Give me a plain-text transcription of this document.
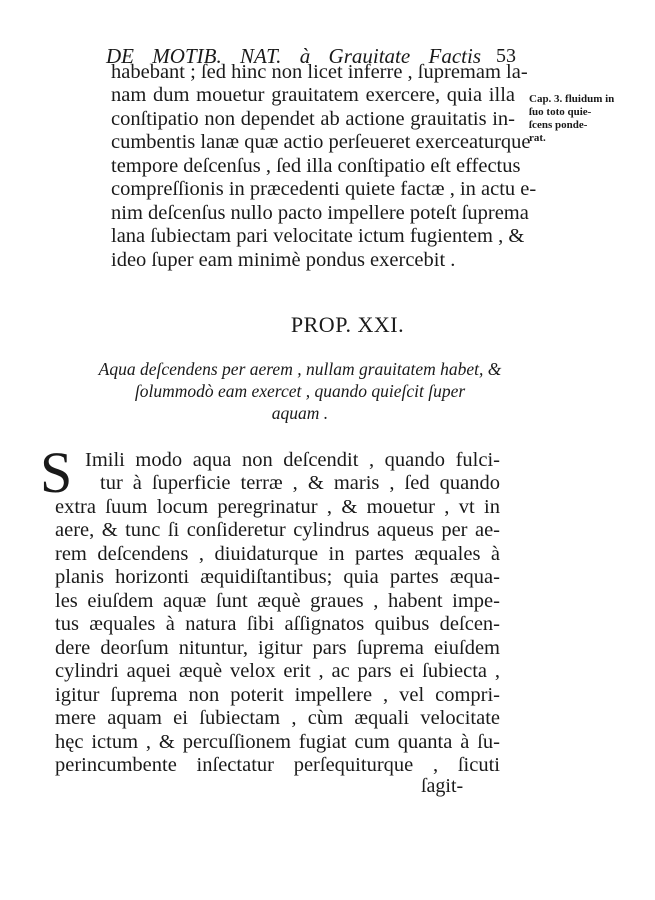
DE MOTIB. NAT. à Grauitate Factis 53
Cap. 3. fluidum in ſuo toto quie-
ſcens ponde-
rat.
habebant ; ſed hinc non licet inferre , ſupremam la-
nam dum mouetur grauitatem exercere, quia illa
conſtipatio non dependet ab actione grauitatis in-
cumbentis lanæ quæ actio perſeueret exerceaturque
tempore deſcenſus , ſed illa conſtipatio eſt effectus
compreſſionis in præcedenti quiete factæ , in actu e-
nim deſcenſus nullo pacto impellere poteſt ſuprema
lana ſubiectam pari velocitate ictum fugientem , &
ideo ſuper eam minimè pondus exercebit .
PROP. XXI.
Aqua deſcendens per aerem , nullam grauitatem habet, &
ſolummodò eam exercet , quando quieſcit ſuper
aquam .
S Imili modo aqua non deſcendit , quando fulci-
tur à ſuperficie terræ , & maris , ſed quando
extra ſuum locum peregrinatur , & mouetur , vt in
aere, & tunc ſi conſideretur cylindrus aqueus per ae-
rem deſcendens , diuidaturque in partes æquales à
planis horizonti æquidiſtantibus; quia partes æqua-
les eiuſdem aquæ ſunt æquè graues , habent impe-
tus æquales à natura ſibi aſſignatos quibus deſcen-
dere deorſum nituntur, igitur pars ſuprema eiuſdem
cylindri aquei æquè velox erit , ac pars ei ſubiecta ,
igitur ſuprema non poterit impellere , vel compri-
mere aquam ei ſubiectam , cùm æquali velocitate
hęc ictum , & percuſſionem fugiat cum quanta à ſu-
perincumbente inſectatur perſequiturque , ſicuti
ſagit-
